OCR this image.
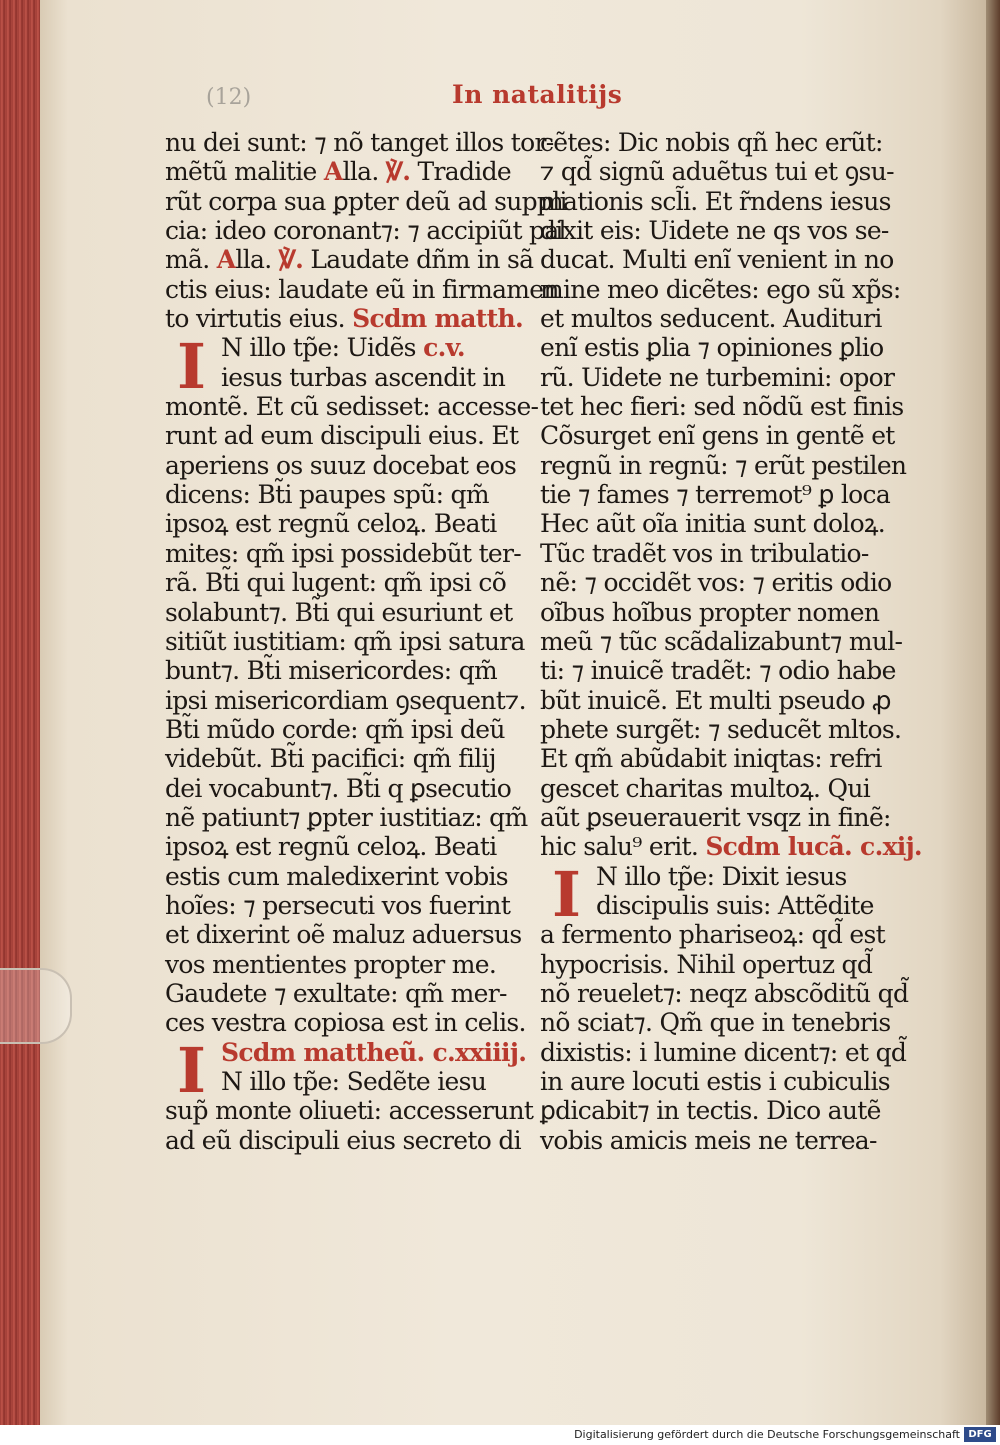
(12)	In natalitijs
nu dei sunt: ⁊ nõ tanget illos tor-
mẽtũ malitie Alla. ℣. Tradide
rũt corpa sua ꝑpter deũ ad suppli
cia: ideo coronant⁊: ⁊ accipiũt pal
mã. Alla. ℣. Laudate dñm in sã
ctis eius: laudate eũ in firmamen
to virtutis eius. Scdm matth.
I N illo tp̃e: Uidẽs c.v.
iesus turbas ascendit in
montẽ. Et cũ sedisset: accesse-
runt ad eum discipuli eius. Et
aperiens os suuz docebat eos
dicens: Bt̃i paupes spũ: qm̃
ipsoꝝ est regnũ celoꝝ. Beati
mites: qm̃ ipsi possidebũt ter-
rã. Bt̃i qui lugent: qm̃ ipsi cõ
solabunt⁊. Bt̃i qui esuriunt et
sitiũt iustitiam: qm̃ ipsi satura
bunt⁊. Bt̃i misericordes: qm̃
ipsi misericordiam ꝯsequent⁊.
Bt̃i mũdo corde: qm̃ ipsi deũ
videbũt. Bt̃i pacifici: qm̃ filij
dei vocabunt⁊. Bt̃i q ꝑsecutio
nẽ patiunt⁊ ꝑpter iustitiaz: qm̃
ipsoꝝ est regnũ celoꝝ. Beati
estis cum maledixerint vobis
hoĩes: ⁊ persecuti vos fuerint
et dixerint oẽ maluz aduersus
vos mentientes propter me.
Gaudete ⁊ exultate: qm̃ mer-
ces vestra copiosa est in celis.
I Scdm mattheũ. c.xxiiij.
N illo tp̃e: Sedẽte iesu
sup̃ monte oliueti: accesserunt
ad eũ discipuli eius secreto di
cẽtes: Dic nobis qñ hec erũt:
⁊ qd̃ signũ aduẽtus tui et ꝯsu-
mationis scl̃i. Et r̃ndens iesus
dixit eis: Uidete ne qs vos se-
ducat. Multi enĩ venient in no
mine meo dicẽtes: ego sũ xp̃s:
et multos seducent. Audituri
enĩ estis ꝑlia ⁊ opiniones ꝑlio
rũ. Uidete ne turbemini: opor
tet hec fieri: sed nõdũ est finis
Cõsurget enĩ gens in gentẽ et
regnũ in regnũ: ⁊ erũt pestilen
tie ⁊ fames ⁊ terremot⁹ ꝑ loca
Hec aũt oĩa initia sunt doloꝝ.
Tũc tradẽt vos in tribulatio-
nẽ: ⁊ occidẽt vos: ⁊ eritis odio
oĩbus hoĩbus propter nomen
meũ ⁊ tũc scãdalizabunt⁊ mul-
ti: ⁊ inuicẽ tradẽt: ⁊ odio habe
bũt inuicẽ. Et multi pseudo ꝓ
phete surgẽt: ⁊ seducẽt mltos.
Et qm̃ abũdabit iniqtas: refri
gescet charitas multoꝝ. Qui
aũt ꝑseuerauerit vsqz in finẽ:
hic salu⁹ erit. Scdm lucã. c.xij.
I N illo tp̃e: Dixit iesus
discipulis suis: Attẽdite
a fermento phariseoꝝ: qd̃ est
hypocrisis. Nihil opertuz qd̃
nõ reuelet⁊: neqz abscõditũ qd̃
nõ sciat⁊. Qm̃ que in tenebris
dixistis: i lumine dicent⁊: et qd̃
in aure locuti estis i cubiculis
ꝑdicabit⁊ in tectis. Dico autẽ
vobis amicis meis ne terrea-
Digitalisierung gefördert durch die Deutsche Forschungsgemeinschaft DFG
